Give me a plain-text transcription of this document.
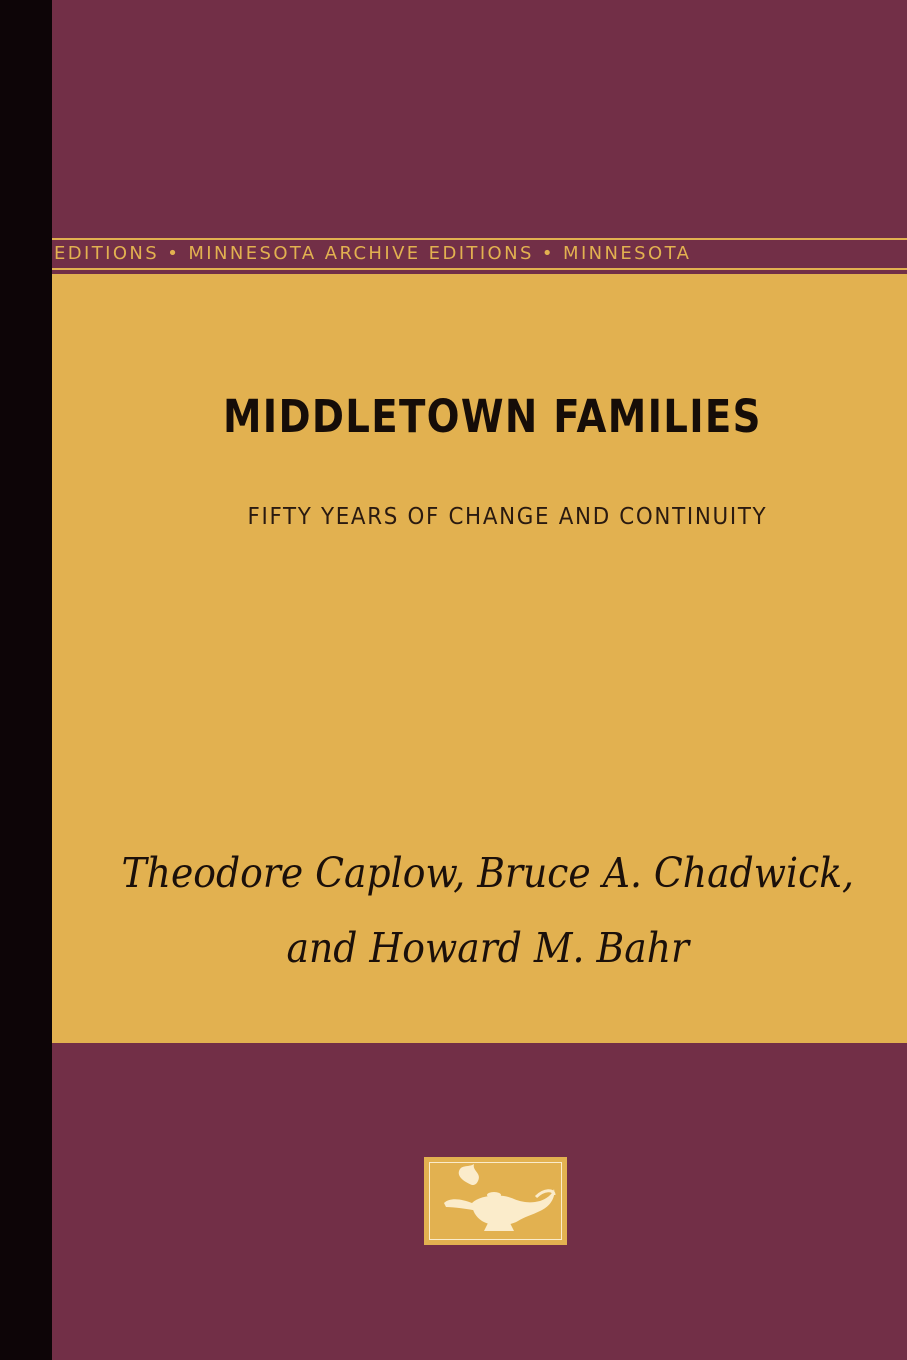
EDITIONS • MINNESOTA ARCHIVE EDITIONS • MINNESOTA
MIDDLETOWN FAMILIES
FIFTY YEARS OF CHANGE AND CONTINUITY
Theodore Caplow, Bruce A. Chadwick,
and Howard M. Bahr
